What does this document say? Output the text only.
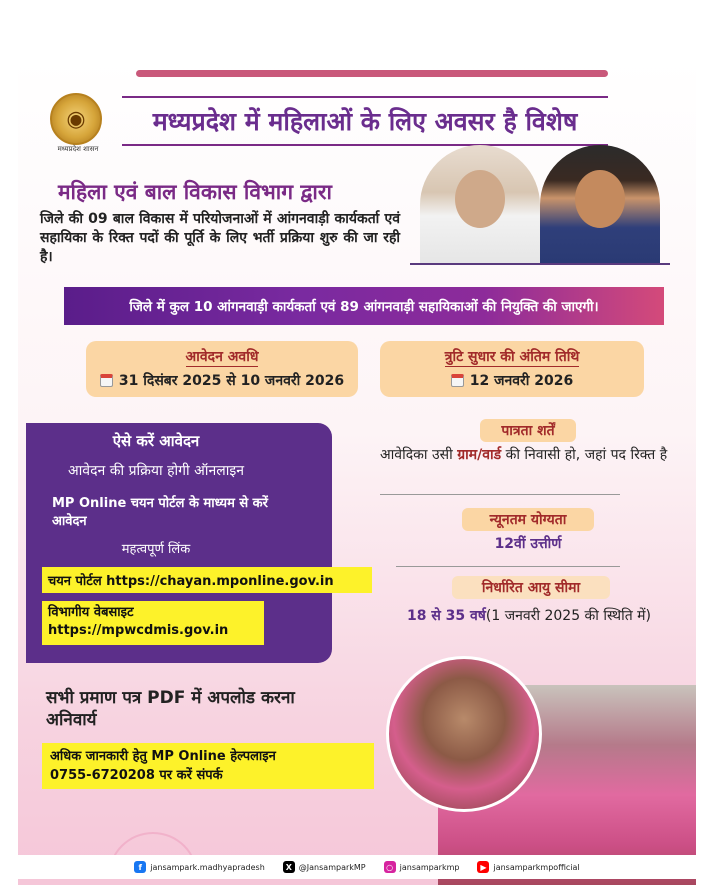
◉
मध्यप्रदेश शासन
मध्यप्रदेश में महिलाओं के लिए अवसर है विशेष
महिला एवं बाल विकास विभाग द्वारा
जिले की 09 बाल विकास में परियोजनाओं में आंगनवाड़ी कार्यकर्ता एवं सहायिका के रिक्त पदों की पूर्ति के लिए भर्ती प्रक्रिया शुरु की जा रही है।
जिले में कुल 10 आंगनवाड़ी कार्यकर्ता एवं 89 आंगनवाड़ी सहायिकाओं की नियुक्ति की जाएगी।
आवेदन अवधि
31 दिसंबर 2025 से 10 जनवरी 2026
त्रुटि सुधार की अंतिम तिथि
12 जनवरी 2026
ऐसे करें आवेदन
आवेदन की प्रक्रिया होगी ऑनलाइन
MP Online चयन पोर्टल के माध्यम से करें आवेदन
महत्वपूर्ण लिंक
चयन पोर्टल https://chayan.mponline.gov.in
विभागीय वेबसाइट
https://mpwcdmis.gov.in
सभी प्रमाण पत्र PDF में अपलोड करना अनिवार्य
अधिक जानकारी हेतु MP Online हेल्पलाइन
0755-6720208 पर करें संपर्क
पात्रता शर्तें
आवेदिका उसी ग्राम/वार्ड की निवासी हो, जहां पद रिक्त है
न्यूनतम योग्यता
12वीं उत्तीर्ण
निर्धारित आयु सीमा
18 से 35 वर्ष(1 जनवरी 2025 की स्थिति में)
f	jansampark.madhyapradesh	X @JansamparkMP	○ jansamparkmp	▶ jansamparkmpofficial
